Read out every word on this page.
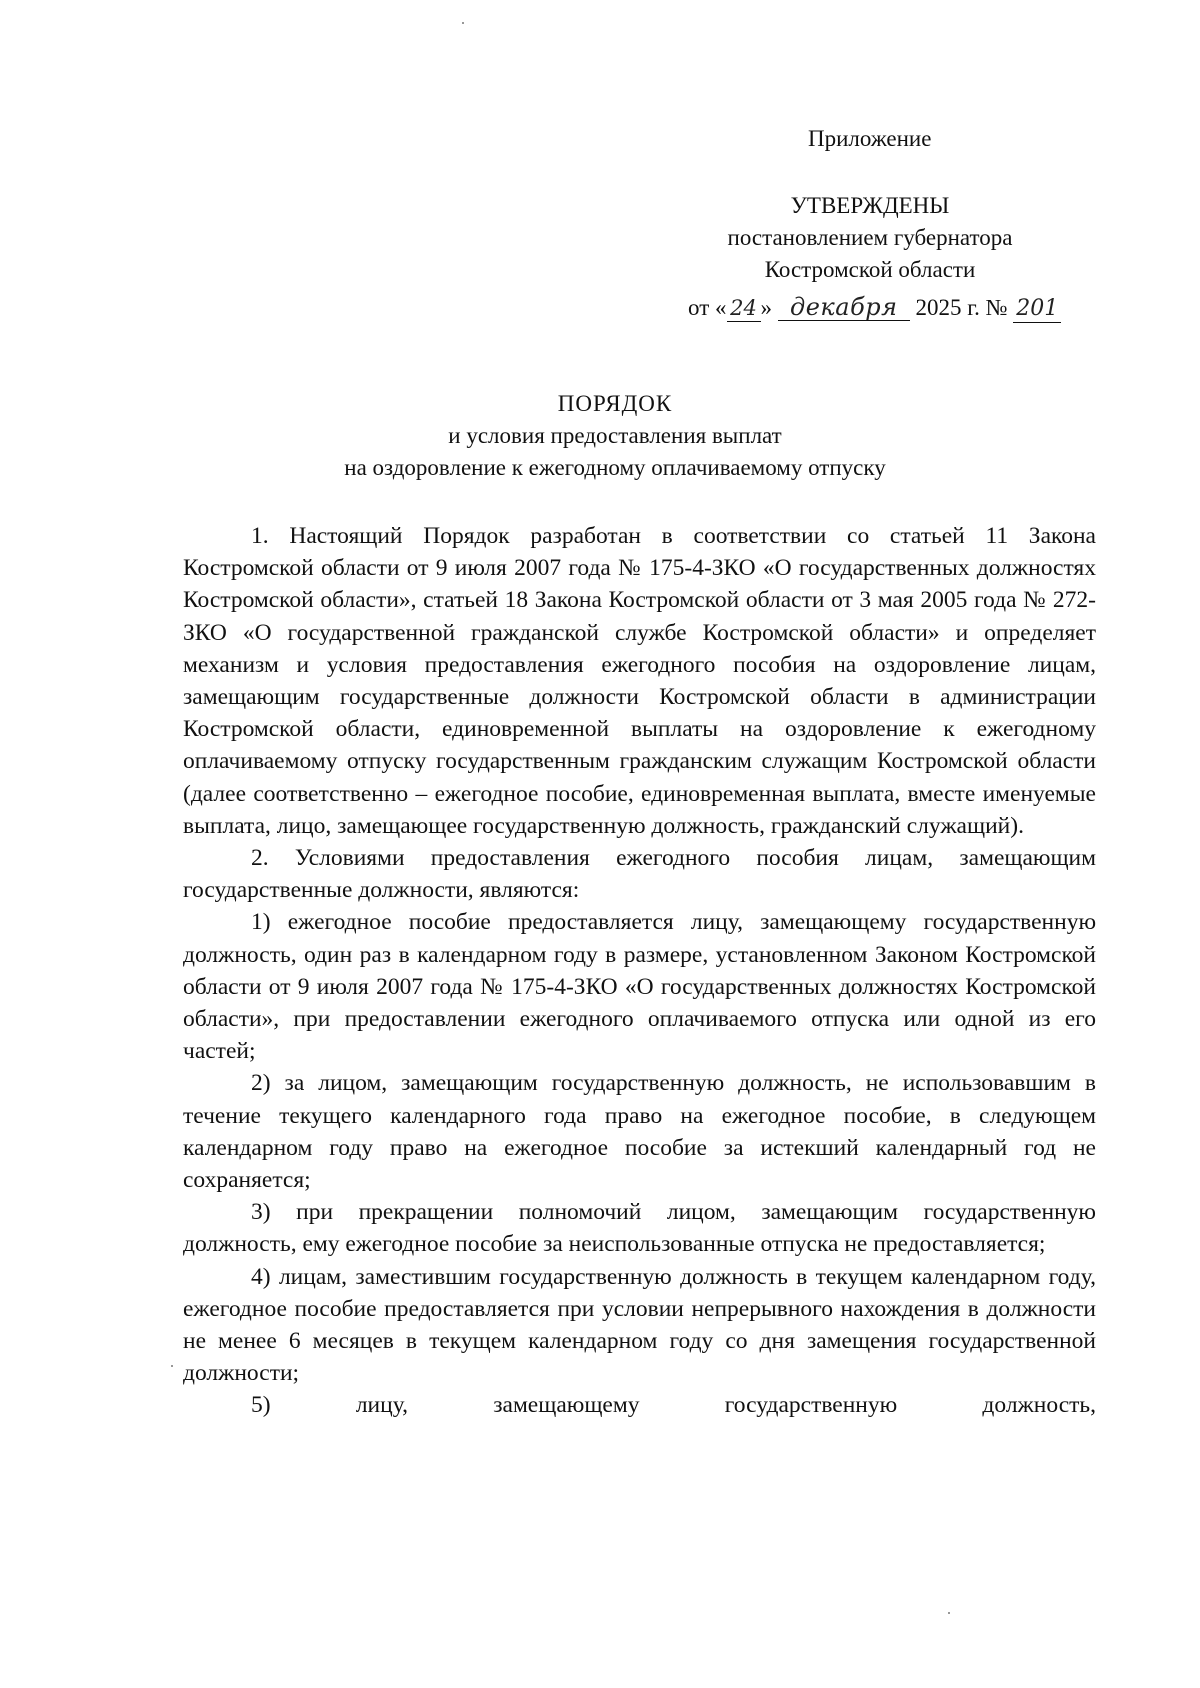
Приложение
УТВЕРЖДЕНЫ
постановлением губернатора
Костромской области
от « 24 » декабря 2025 г. № 201
ПОРЯДОК
и условия предоставления выплат
на оздоровление к ежегодному оплачиваемому отпуску

1. Настоящий Порядок разработан в соответствии со статьей 11 Закона Костромской области от 9 июля 2007 года № 175-4-ЗКО «О государственных должностях Костромской области», статьей 18 Закона Костромской области от 3 мая 2005 года № 272-ЗКО «О государственной гражданской службе Костромской области» и определяет механизм и условия предоставления ежегодного пособия на оздоровление лицам, замещающим государственные должности Костромской области в администрации Костромской области, единовременной выплаты на оздоровление к ежегодному оплачиваемому отпуску государственным гражданским служащим Костромской области (далее соответственно – ежегодное пособие, единовременная выплата, вместе именуемые выплата, лицо, замещающее государственную должность, гражданский служащий).

2. Условиями предоставления ежегодного пособия лицам, замещающим государственные должности, являются:

1) ежегодное пособие предоставляется лицу, замещающему государственную должность, один раз в календарном году в размере, установленном Законом Костромской области от 9 июля 2007 года № 175-4-ЗКО «О государственных должностях Костромской области», при предоставлении ежегодного оплачиваемого отпуска или одной из его частей;

2) за лицом, замещающим государственную должность, не использовавшим в течение текущего календарного года право на ежегодное пособие, в следующем календарном году право на ежегодное пособие за истекший календарный год не сохраняется;

3) при прекращении полномочий лицом, замещающим государственную должность, ему ежегодное пособие за неиспользованные отпуска не предоставляется;

4) лицам, заместившим государственную должность в текущем календарном году, ежегодное пособие предоставляется при условии непрерывного нахождения в должности не менее 6 месяцев в текущем календарном году со дня замещения государственной должности;

5) лицу, замещающему государственную должность,
